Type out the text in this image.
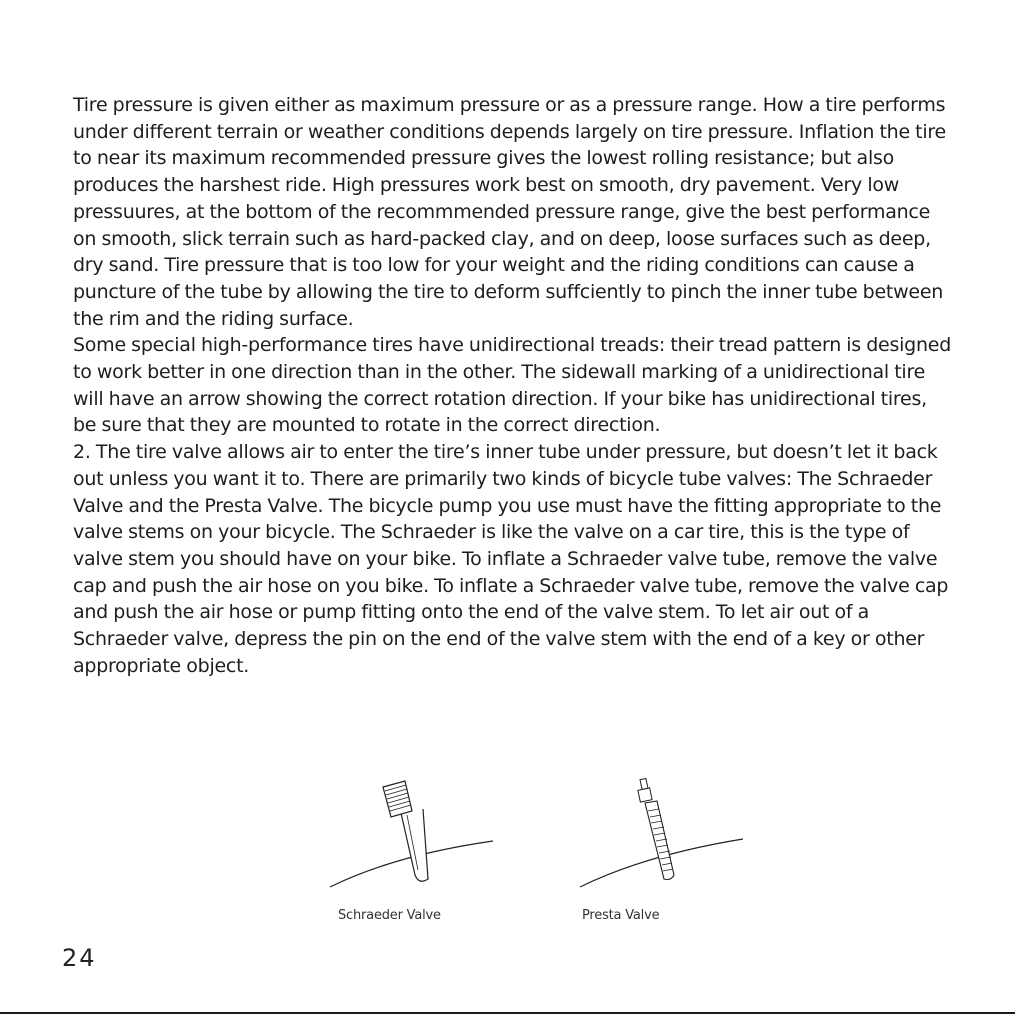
Tire pressure is given either as maximum pressure or as a pressure range. How a tire performs under different terrain or weather conditions depends largely on tire pressure. Inflation the tire to near its maximum recommended pressure gives the lowest rolling resistance; but also produces the harshest ride. High pressures work best on smooth, dry pavement. Very low pressuures, at the bottom of the recommmended pressure range, give the best performance on smooth, slick terrain such as hard-packed clay, and on deep, loose surfaces such as deep, dry sand. Tire pressure that is too low for your weight and the riding conditions can cause a puncture of the tube by allowing the tire to deform suffciently to pinch the inner tube between the rim and the riding surface.

Some special high-performance tires have unidirectional treads: their tread pattern is designed to work better in one direction than in the other. The sidewall marking of a unidirectional tire will have an arrow showing the correct rotation direction. If your bike has unidirectional tires, be sure that they are mounted to rotate in the correct direction.

2. The tire valve allows air to enter the tire’s inner tube under pressure, but doesn’t let it back out unless you want it to. There are primarily two kinds of bicycle tube valves: The Schraeder Valve and the Presta Valve. The bicycle pump you use must have the fitting appropriate to the valve stems on your bicycle. The Schraeder is like the valve on a car tire, this is the type of valve stem you should have on your bike. To inflate a Schraeder valve tube, remove the valve cap and push the air hose on you bike. To inflate a Schraeder valve tube, remove the valve cap and push the air hose or pump fitting onto the end of the valve stem. To let air out of a Schraeder valve, depress the pin on the end of the valve stem with the end of a key or other appropriate object.

Schraeder Valve	Presta Valve
24
